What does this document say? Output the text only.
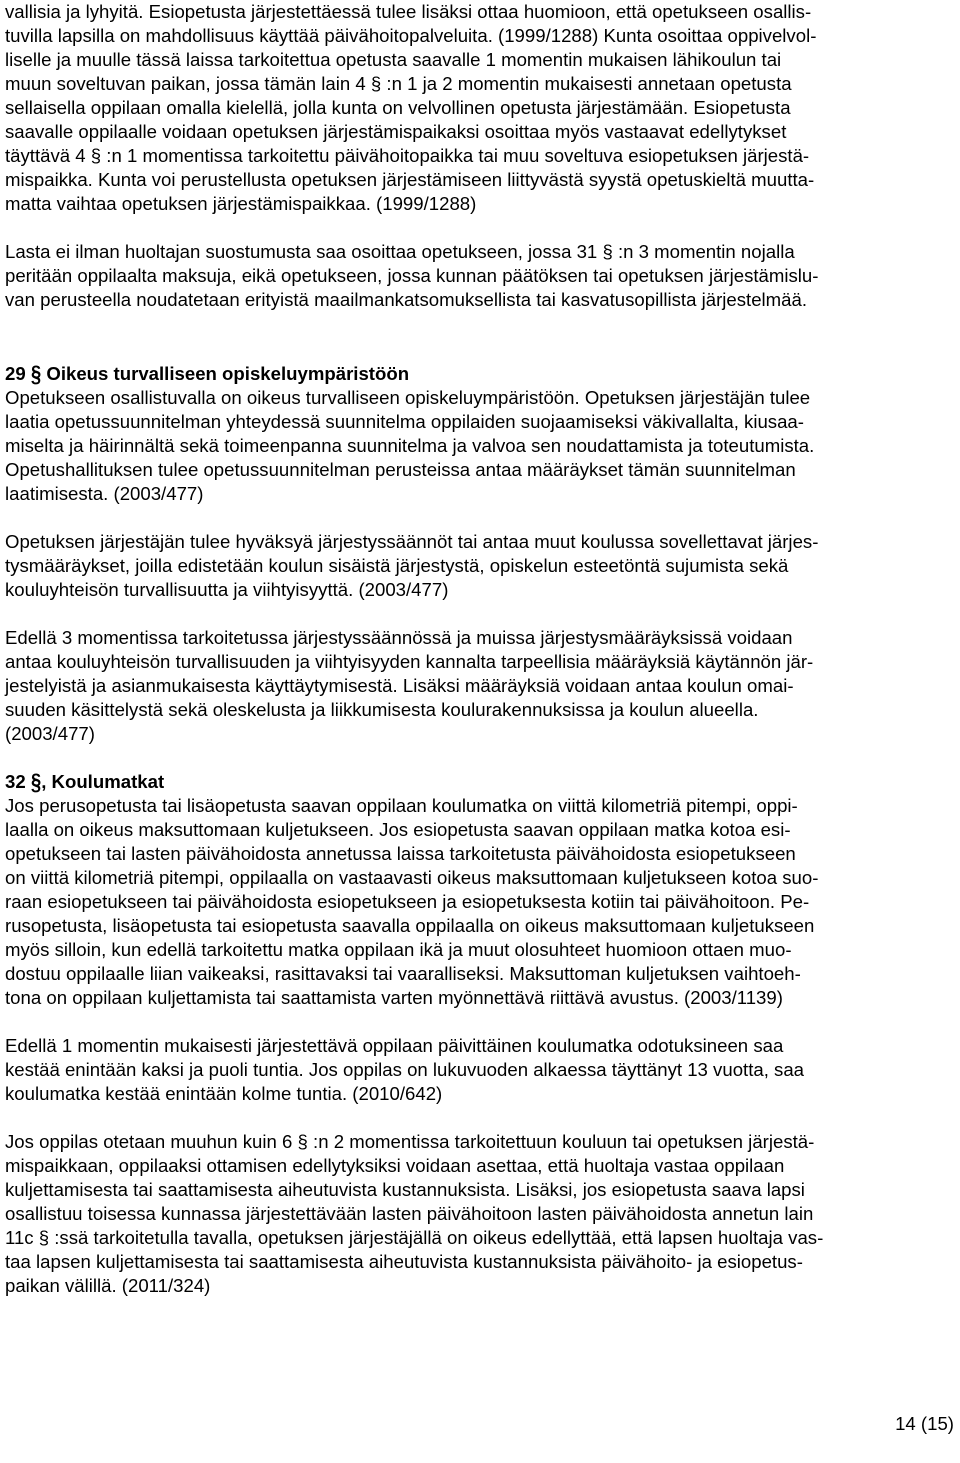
vallisia ja lyhyitä. Esiopetusta järjestettäessä tulee lisäksi ottaa huomioon, että opetukseen osallis-
tuvilla lapsilla on mahdollisuus käyttää päivähoitopalveluita. (1999/1288) Kunta osoittaa oppivelvol-
liselle ja muulle tässä laissa tarkoitettua opetusta saavalle 1 momentin mukaisen lähikoulun tai
muun soveltuvan paikan, jossa tämän lain 4 § :n 1 ja 2 momentin mukaisesti annetaan opetusta
sellaisella oppilaan omalla kielellä, jolla kunta on velvollinen opetusta järjestämään. Esiopetusta
saavalle oppilaalle voidaan opetuksen järjestämispaikaksi osoittaa myös vastaavat edellytykset
täyttävä 4 § :n 1 momentissa tarkoitettu päivähoitopaikka tai muu soveltuva esiopetuksen järjestä-
mispaikka. Kunta voi perustellusta opetuksen järjestämiseen liittyvästä syystä opetuskieltä muutta-
matta vaihtaa opetuksen järjestämispaikkaa. (1999/1288)
Lasta ei ilman huoltajan suostumusta saa osoittaa opetukseen, jossa 31 § :n 3 momentin nojalla
peritään oppilaalta maksuja, eikä opetukseen, jossa kunnan päätöksen tai opetuksen järjestämislu-
van perusteella noudatetaan erityistä maailmankatsomuksellista tai kasvatusopillista järjestelmää.
29 § Oikeus turvalliseen opiskeluympäristöön
Opetukseen osallistuvalla on oikeus turvalliseen opiskeluympäristöön. Opetuksen järjestäjän tulee
laatia opetussuunnitelman yhteydessä suunnitelma oppilaiden suojaamiseksi väkivallalta, kiusaa-
miselta ja häirinnältä sekä toimeenpanna suunnitelma ja valvoa sen noudattamista ja toteutumista.
Opetushallituksen tulee opetussuunnitelman perusteissa antaa määräykset tämän suunnitelman
laatimisesta. (2003/477)
Opetuksen järjestäjän tulee hyväksyä järjestyssäännöt tai antaa muut koulussa sovellettavat järjes-
tysmääräykset, joilla edistetään koulun sisäistä järjestystä, opiskelun esteetöntä sujumista sekä
kouluyhteisön turvallisuutta ja viihtyisyyttä. (2003/477)
Edellä 3 momentissa tarkoitetussa järjestyssäännössä ja muissa järjestysmääräyksissä voidaan
antaa kouluyhteisön turvallisuuden ja viihtyisyyden kannalta tarpeellisia määräyksiä käytännön jär-
jestelyistä ja asianmukaisesta käyttäytymisestä. Lisäksi määräyksiä voidaan antaa koulun omai-
suuden käsittelystä sekä oleskelusta ja liikkumisesta koulurakennuksissa ja koulun alueella.
(2003/477)
32 §, Koulumatkat
Jos perusopetusta tai lisäopetusta saavan oppilaan koulumatka on viittä kilometriä pitempi, oppi-
laalla on oikeus maksuttomaan kuljetukseen. Jos esiopetusta saavan oppilaan matka kotoa esi-
opetukseen tai lasten päivähoidosta annetussa laissa tarkoitetusta päivähoidosta esiopetukseen
on viittä kilometriä pitempi, oppilaalla on vastaavasti oikeus maksuttomaan kuljetukseen kotoa suo-
raan esiopetukseen tai päivähoidosta esiopetukseen ja esiopetuksesta kotiin tai päivähoitoon. Pe-
rusopetusta, lisäopetusta tai esiopetusta saavalla oppilaalla on oikeus maksuttomaan kuljetukseen
myös silloin, kun edellä tarkoitettu matka oppilaan ikä ja muut olosuhteet huomioon ottaen muo-
dostuu oppilaalle liian vaikeaksi, rasittavaksi tai vaaralliseksi. Maksuttoman kuljetuksen vaihtoeh-
tona on oppilaan kuljettamista tai saattamista varten myönnettävä riittävä avustus. (2003/1139)
Edellä 1 momentin mukaisesti järjestettävä oppilaan päivittäinen koulumatka odotuksineen saa
kestää enintään kaksi ja puoli tuntia. Jos oppilas on lukuvuoden alkaessa täyttänyt 13 vuotta, saa
koulumatka kestää enintään kolme tuntia. (2010/642)
Jos oppilas otetaan muuhun kuin 6 § :n 2 momentissa tarkoitettuun kouluun tai opetuksen järjestä-
mispaikkaan, oppilaaksi ottamisen edellytyksiksi voidaan asettaa, että huoltaja vastaa oppilaan
kuljettamisesta tai saattamisesta aiheutuvista kustannuksista. Lisäksi, jos esiopetusta saava lapsi
osallistuu toisessa kunnassa järjestettävään lasten päivähoitoon lasten päivähoidosta annetun lain
11c § :ssä tarkoitetulla tavalla, opetuksen järjestäjällä on oikeus edellyttää, että lapsen huoltaja vas-
taa lapsen kuljettamisesta tai saattamisesta aiheutuvista kustannuksista päivähoito- ja esiopetus-
paikan välillä. (2011/324)
14 (15)
